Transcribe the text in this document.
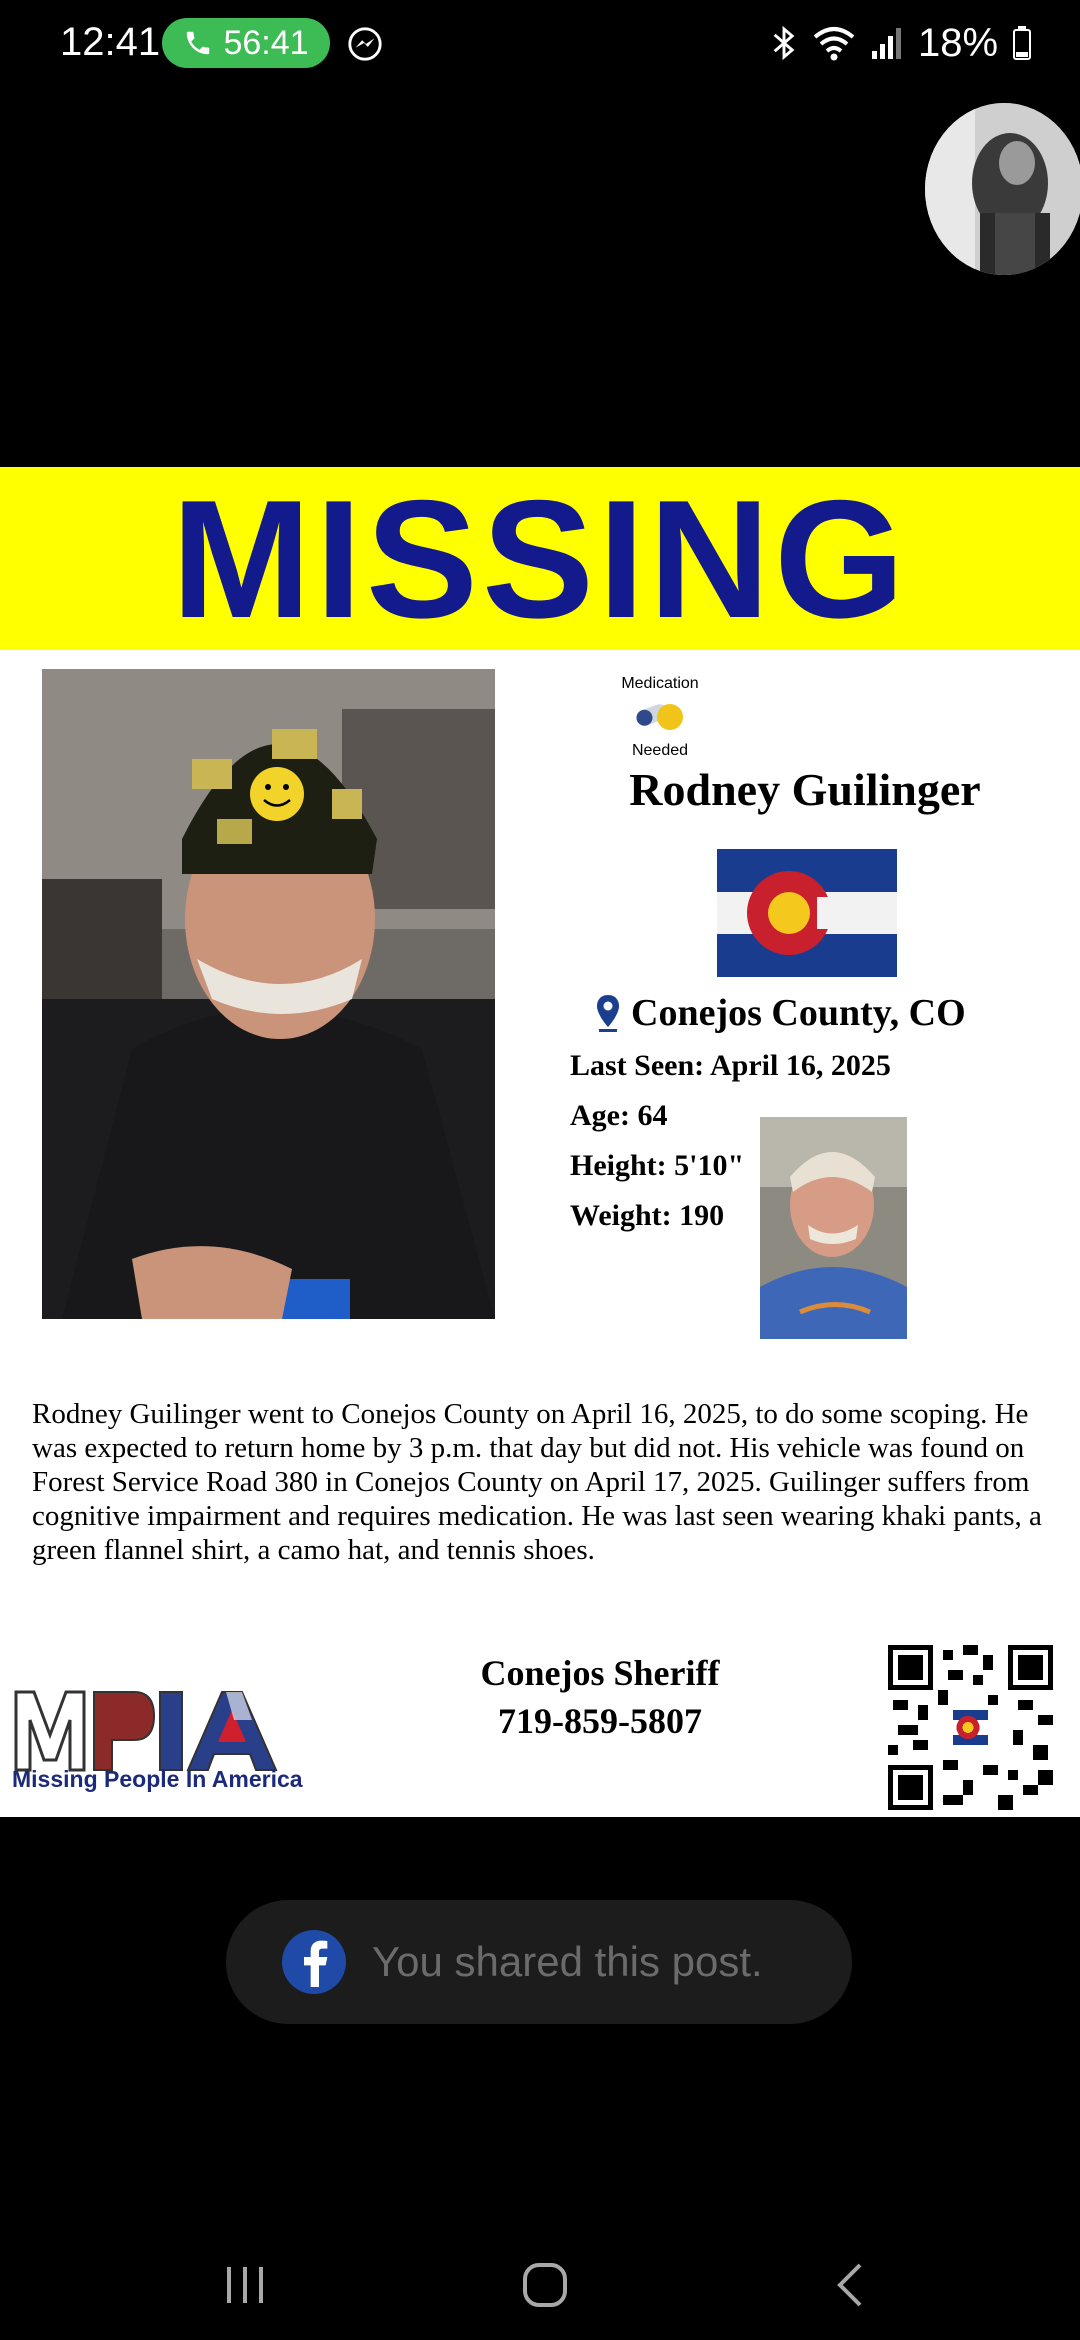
12:41 56:41	18%
MISSING
Medication
Needed
Rodney Guilinger
Conejos County, CO
Last Seen: April 16, 2025
Age: 64
Height: 5'10"
Weight: 190
Rodney Guilinger went to Conejos County on April 16, 2025, to do some scoping. He was expected to return home by 3 p.m. that day but did not. His vehicle was found on Forest Service Road 380 in Conejos County on April 17, 2025. Guilinger suffers from cognitive impairment and requires medication. He was last seen wearing khaki pants, a green flannel shirt, a camo hat, and tennis shoes.
Missing People In America
Conejos Sheriff
719-859-5807
You shared this post.
